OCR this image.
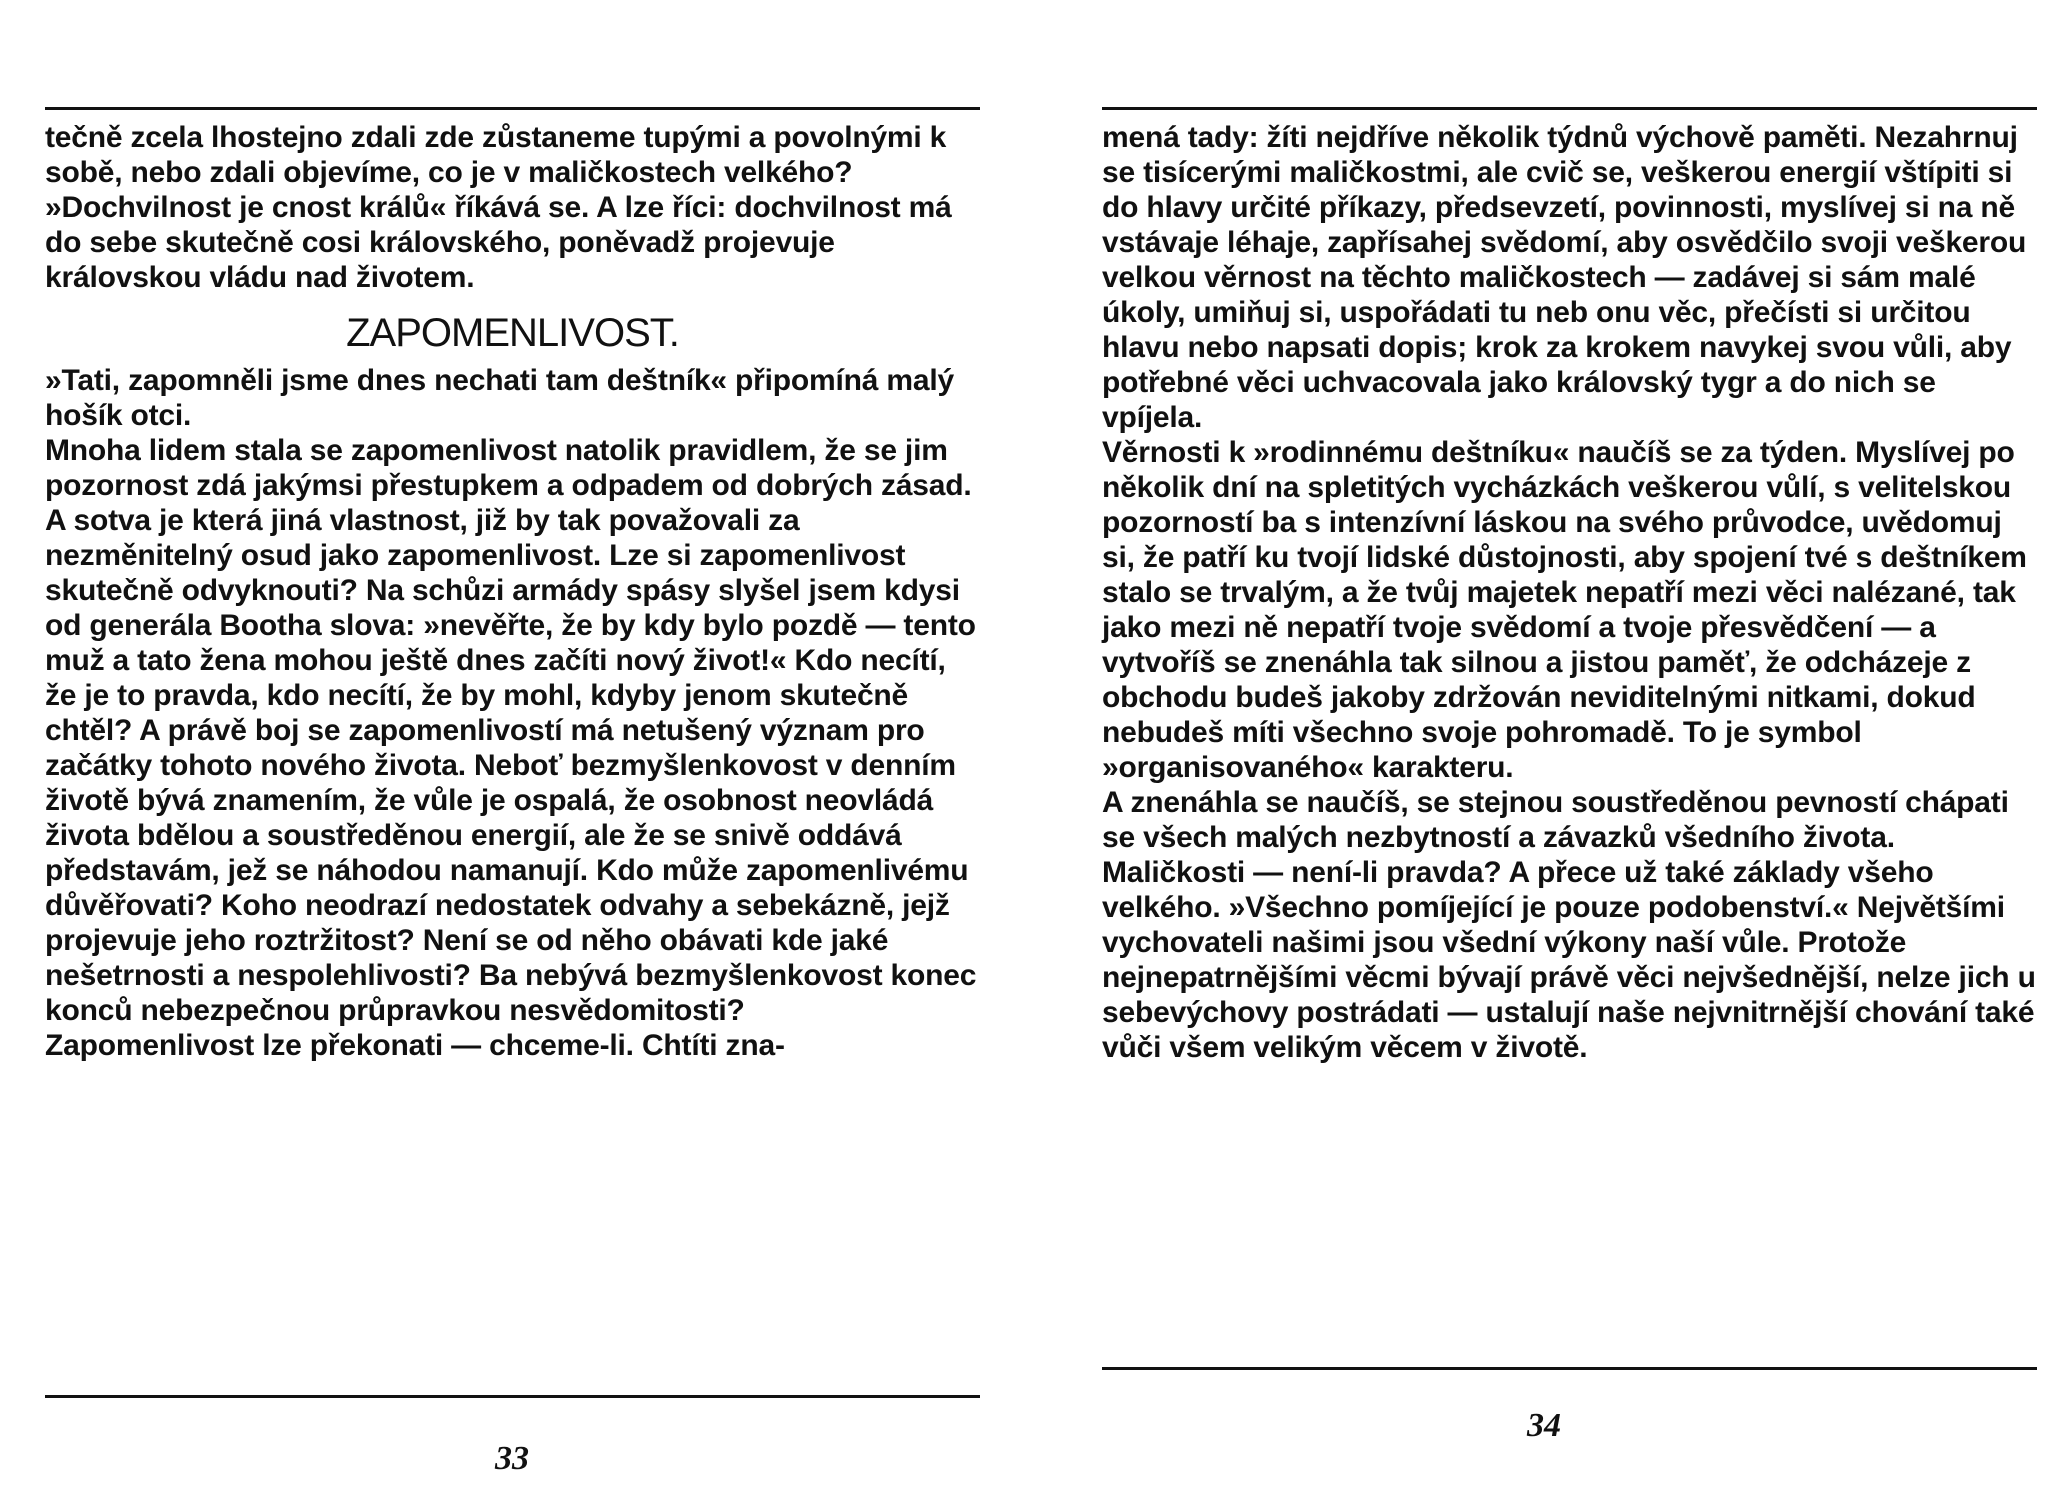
tečně zcela lhostejno zdali zde zůstaneme tupými a povolnými k sobě, nebo zdali objevíme, co je v maličkostech velkého? »Dochvilnost je cnost králů« říkává se. A lze říci: dochvilnost má do sebe skutečně cosi královského, poněvadž projevuje královskou vládu nad životem.

ZAPOMENLIVOST.

»Tati, zapomněli jsme dnes nechati tam deštník« připomíná malý hošík otci.

Mnoha lidem stala se zapomenlivost natolik pravidlem, že se jim pozornost zdá jakýmsi přestupkem a odpadem od dobrých zásad. A sotva je která jiná vlastnost, již by tak považovali za nezměnitelný osud jako zapomenlivost. Lze si zapomenlivost skutečně odvyknouti? Na schůzi armády spásy slyšel jsem kdysi od generála Bootha slova: »nevěřte, že by kdy bylo pozdě — tento muž a tato žena mohou ještě dnes začíti nový život!« Kdo necítí, že je to pravda, kdo necítí, že by mohl, kdyby jenom skutečně chtěl? A právě boj se zapomenlivostí má netušený význam pro začátky tohoto nového života. Neboť bezmyšlenkovost v denním životě bývá znamením, že vůle je ospalá, že osobnost neovládá života bdělou a soustředěnou energií, ale že se snivě oddává představám, jež se náhodou namanují. Kdo může zapomenlivému důvěřovati? Koho neodrazí nedostatek odvahy a sebekázně, jejž projevuje jeho roztržitost? Není se od něho obávati kde jaké nešetrnosti a nespolehlivosti? Ba nebývá bezmyšlenkovost konec konců nebezpečnou průpravkou nesvědomitosti?

Zapomenlivost lze překonati — chceme-li. Chtíti zna-

33

mená tady: žíti nejdříve několik týdnů výchově paměti. Nezahrnuj se tisícerými maličkostmi, ale cvič se, veškerou energií vštípiti si do hlavy určité příkazy, předsevzetí, povinnosti, myslívej si na ně vstávaje léhaje, zapřísahej svědomí, aby osvědčilo svoji veškerou velkou věrnost na těchto maličkostech — zadávej si sám malé úkoly, umiňuj si, uspořádati tu neb onu věc, přečísti si určitou hlavu nebo napsati dopis; krok za krokem navykej svou vůli, aby potřebné věci uchvacovala jako královský tygr a do nich se vpíjela.

Věrnosti k »rodinnému deštníku« naučíš se za týden. Myslívej po několik dní na spletitých vycházkách veškerou vůlí, s velitelskou pozorností ba s intenzívní láskou na svého průvodce, uvědomuj si, že patří ku tvojí lidské důstojnosti, aby spojení tvé s deštníkem stalo se trvalým, a že tvůj majetek nepatří mezi věci nalézané, tak jako mezi ně nepatří tvoje svědomí a tvoje přesvědčení — a vytvoříš se znenáhla tak silnou a jistou paměť, že odcházeje z obchodu budeš jakoby zdržován neviditelnými nitkami, dokud nebudeš míti všechno svoje pohromadě. To je symbol »organisovaného« karakteru.

A znenáhla se naučíš, se stejnou soustředěnou pevností chápati se všech malých nezbytností a závazků všedního života.

Maličkosti — není-li pravda? A přece už také základy všeho velkého. »Všechno pomíjející je pouze podobenství.« Největšími vychovateli našimi jsou všední výkony naší vůle. Protože nejnepatrnějšími věcmi bývají právě věci nejvšednější, nelze jich u sebevýchovy postrádati — ustalují naše nejvnitrnější chování také vůči všem velikým věcem v životě.

34
